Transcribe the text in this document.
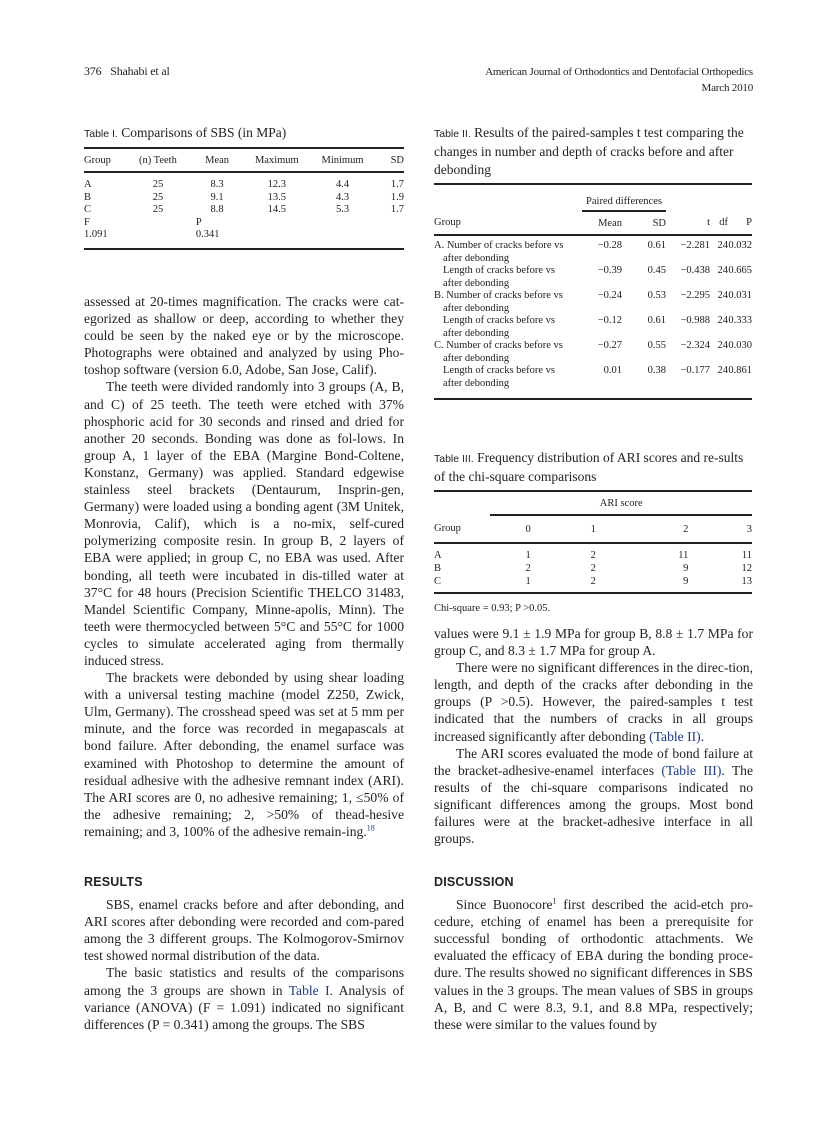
376 Shahabi et al	American Journal of Orthodontics and Dentofacial Orthopedics
March 2010
Table I. Comparisons of SBS (in MPa)
Group	(n) Teeth	Mean	Maximum	Minimum	SD
A	25	8.3	12.3	4.4	1.7
B	25	9.1	13.5	4.3	1.9
C	25	8.8	14.5	5.3	1.7
F		P			
1.091		0.341			
Table II. Results of the paired-samples t test comparing the changes in number and depth of cracks before and after debonding
	Paired differences				
Group	Mean	SD	t	df	P
A. Number of cracks before vs
after debonding	−0.28	0.61	−2.281	24	0.032

Length of cracks before vs
after debonding	−0.39	0.45	−0.438	24	0.665
B. Number of cracks before vs
after debonding	−0.24	0.53	−2.295	24	0.031

Length of cracks before vs
after debonding	−0.12	0.61	−0.988	24	0.333
C. Number of cracks before vs
after debonding	−0.27	0.55	−2.324	24	0.030

Length of cracks before vs
after debonding	0.01	0.38	−0.177	24	0.861
Table III. Frequency distribution of ARI scores and re-sults of the chi-square comparisons
	ARI score			
Group	0	1	2	3
A	1	2	11	11
B	2	2	9	12
C	1	2	9	13
Chi-square = 0.93; P >0.05.

assessed at 20-times magnification. The cracks were cat-egorized as shallow or deep, according to whether they could be seen by the naked eye or by the microscope. Photographs were obtained and analyzed by using Pho-toshop software (version 6.0, Adobe, San Jose, Calif).

The teeth were divided randomly into 3 groups (A, B, and C) of 25 teeth. The teeth were etched with 37% phosphoric acid for 30 seconds and rinsed and dried for another 20 seconds. Bonding was done as fol-lows. In group A, 1 layer of the EBA (Margine Bond-Coltene, Konstanz, Germany) was applied. Standard edgewise stainless steel brackets (Dentaurum, Insprin-gen, Germany) were loaded using a bonding agent (3M Unitek, Monrovia, Calif), which is a no-mix, self-cured polymerizing composite resin. In group B, 2 layers of EBA were applied; in group C, no EBA was used. After bonding, all teeth were incubated in dis-tilled water at 37°C for 48 hours (Precision Scientific THELCO 31483, Mandel Scientific Company, Minne-apolis, Minn). The teeth were thermocycled between 5°C and 55°C for 1000 cycles to simulate accelerated aging from thermally induced stress.

The brackets were debonded by using shear loading with a universal testing machine (model Z250, Zwick, Ulm, Germany). The crosshead speed was set at 5 mm per minute, and the force was recorded in megapascals at bond failure. After debonding, the enamel surface was examined with Photoshop to determine the amount of residual adhesive with the adhesive remnant index (ARI). The ARI scores are 0, no adhesive remaining; 1, ≤50% of the adhesive remaining; 2, >50% of thead-hesive remaining; and 3, 100% of the adhesive remain-ing.$^{18}$

RESULTS

SBS, enamel cracks before and after debonding, and ARI scores after debonding were recorded and com-pared among the 3 different groups. The Kolmogorov-Smirnov test showed normal distribution of the data.

The basic statistics and results of the comparisons among the 3 groups are shown in Table I. Analysis of variance (ANOVA) (F = 1.091) indicated no significant differences (P = 0.341) among the groups. The SBS

values were 9.1 ± 1.9 MPa for group B, 8.8 ± 1.7 MPa for group C, and 8.3 ± 1.7 MPa for group A.

There were no significant differences in the direc-tion, length, and depth of the cracks after debonding in the groups (P >0.5). However, the paired-samples t test indicated that the numbers of cracks in all groups increased significantly after debonding (Table II).

The ARI scores evaluated the mode of bond failure at the bracket-adhesive-enamel interfaces (Table III). The results of the chi-square comparisons indicated no significant differences among the groups. Most bond failures were at the bracket-adhesive interface in all groups.

DISCUSSION

Since Buonocore$^1$ first described the acid-etch pro-cedure, etching of enamel has been a prerequisite for successful bonding of orthodontic attachments. We evaluated the efficacy of EBA during the bonding proce-dure. The results showed no significant differences in SBS values in the 3 groups. The mean values of SBS in groups A, B, and C were 8.3, 9.1, and 8.8 MPa, respectively; these were similar to the values found by
